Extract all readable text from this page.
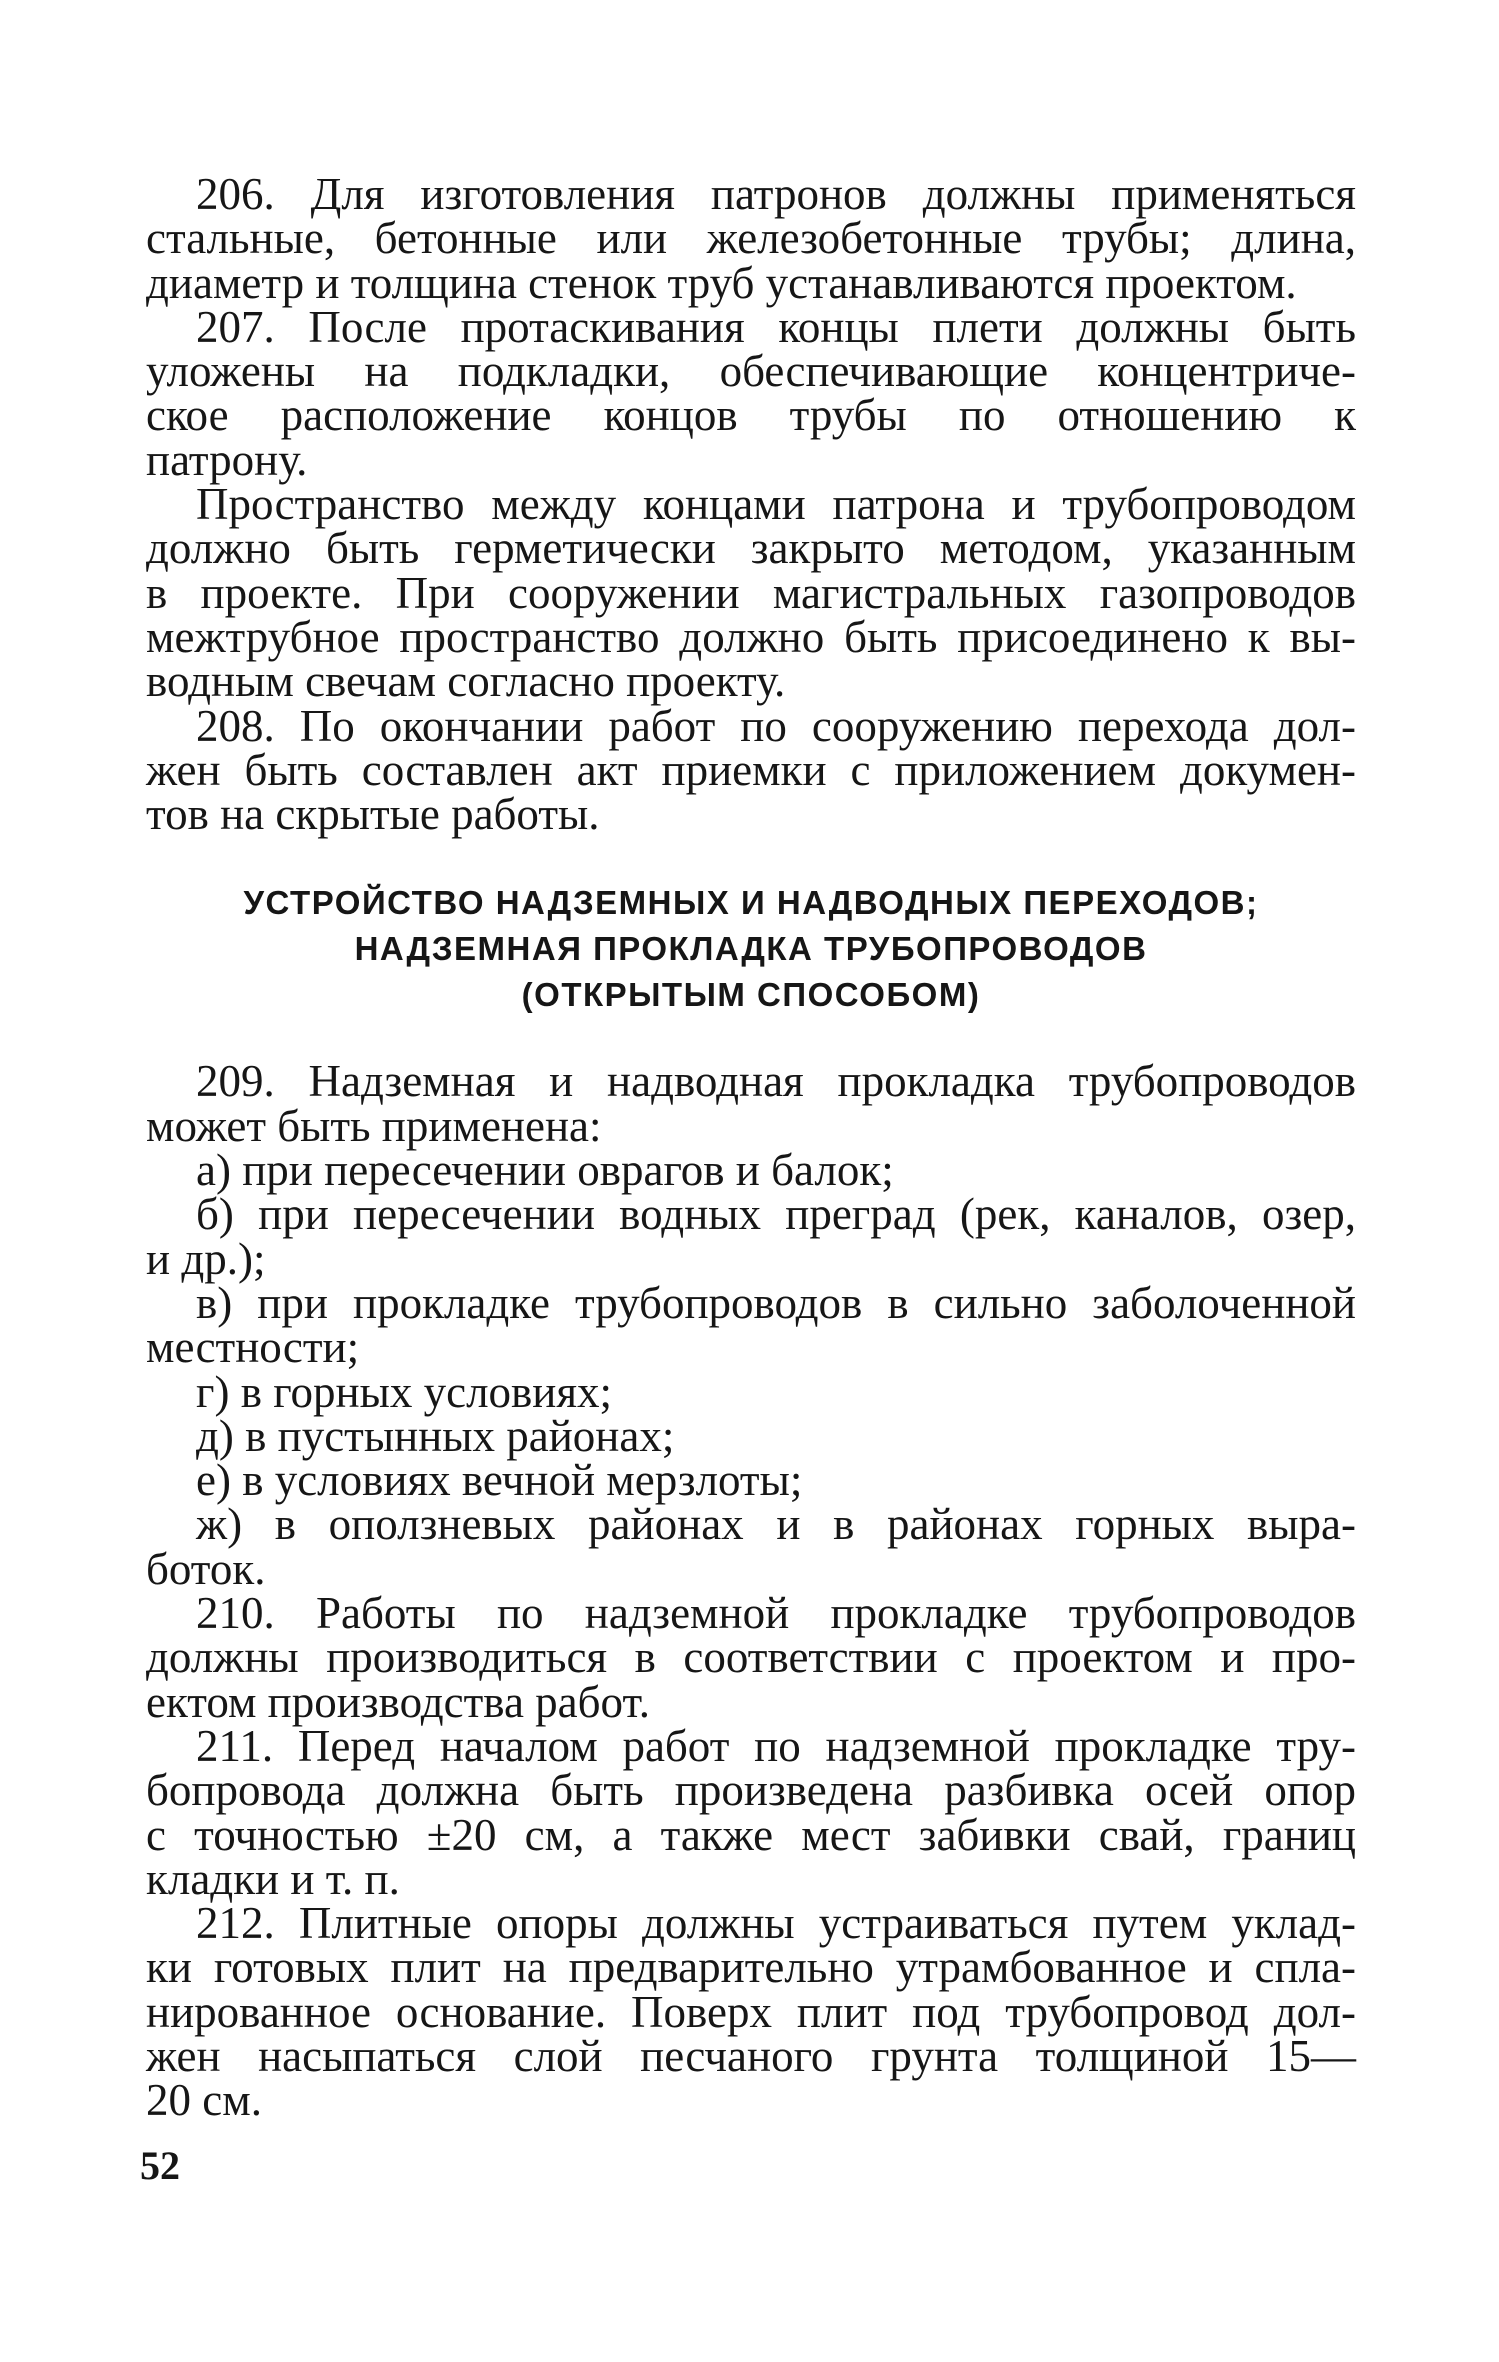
206. Для изготовления патронов должны применяться
стальные, бетонные или железобетонные трубы; длина,
диаметр и толщина стенок труб устанавливаются проектом.
207. После протаскивания концы плети должны быть
уложены на подкладки, обеспечивающие концентриче-
ское расположение концов трубы по отношению к
патрону.
Пространство между концами патрона и трубопроводом
должно быть герметически закрыто методом, указанным
в проекте. При сооружении магистральных газопроводов
межтрубное пространство должно быть присоединено к вы-
водным свечам согласно проекту.
208. По окончании работ по сооружению перехода дол-
жен быть составлен акт приемки с приложением докумен-
тов на скрытые работы.
УСТРОЙСТВО НАДЗЕМНЫХ И НАДВОДНЫХ ПЕРЕХОДОВ;
НАДЗЕМНАЯ ПРОКЛАДКА ТРУБОПРОВОДОВ
(ОТКРЫТЫМ СПОСОБОМ)
209. Надземная и надводная прокладка трубопроводов
может быть применена:
а) при пересечении оврагов и балок;
б) при пересечении водных преград (рек, каналов, озер,
и др.);
в) при прокладке трубопроводов в сильно заболоченной
местности;
г) в горных условиях;
д) в пустынных районах;
е) в условиях вечной мерзлоты;
ж) в оползневых районах и в районах горных выра-
боток.
210. Работы по надземной прокладке трубопроводов
должны производиться в соответствии с проектом и про-
ектом производства работ.
211. Перед началом работ по надземной прокладке тру-
бопровода должна быть произведена разбивка осей опор
с точностью ±20 см, а также мест забивки свай, границ
кладки и т. п.
212. Плитные опоры должны устраиваться путем уклад-
ки готовых плит на предварительно утрамбованное и спла-
нированное основание. Поверх плит под трубопровод дол-
жен насыпаться слой песчаного грунта толщиной 15—
20 см.
52
